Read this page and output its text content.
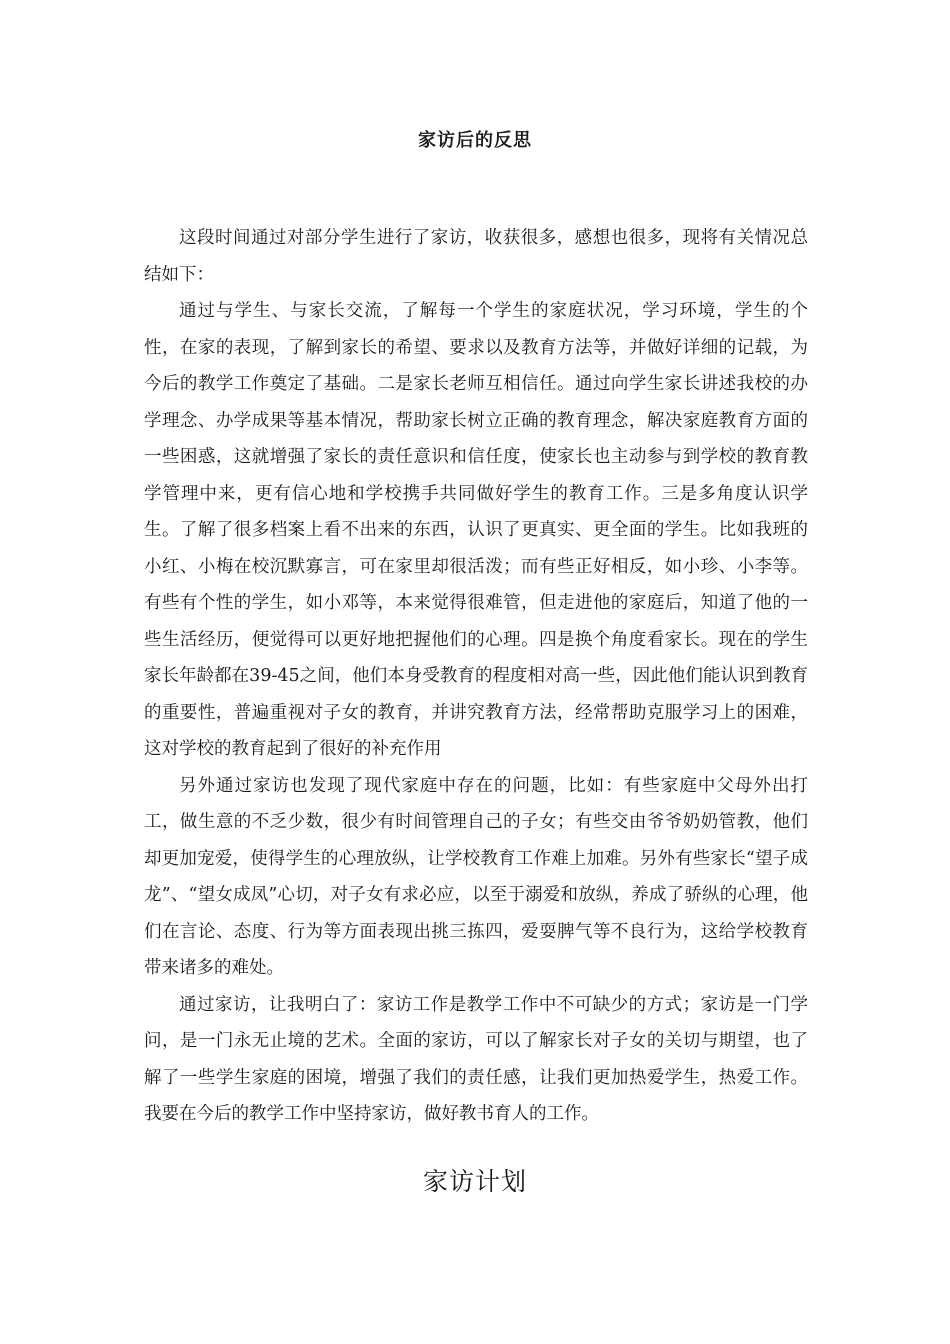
家访后的反思

这段时间通过对部分学生进行了家访，收获很多，感想也很多，现将有关情况总结如下：

通过与学生、与家长交流，了解每一个学生的家庭状况，学习环境，学生的个性，在家的表现，了解到家长的希望、要求以及教育方法等，并做好详细的记载，为今后的教学工作奠定了基础。二是家长老师互相信任。通过向学生家长讲述我校的办学理念、办学成果等基本情况，帮助家长树立正确的教育理念，解决家庭教育方面的一些困惑，这就增强了家长的责任意识和信任度，使家长也主动参与到学校的教育教学管理中来，更有信心地和学校携手共同做好学生的教育工作。三是多角度认识学生。了解了很多档案上看不出来的东西，认识了更真实、更全面的学生。比如我班的小红、小梅在校沉默寡言，可在家里却很活泼；而有些正好相反，如小珍、小李等。有些有个性的学生，如小邓等，本来觉得很难管，但走进他的家庭后，知道了他的一些生活经历，便觉得可以更好地把握他们的心理。四是换个角度看家长。现在的学生家长年龄都在39-45之间，他们本身受教育的程度相对高一些，因此他们能认识到教育的重要性，普遍重视对子女的教育，并讲究教育方法，经常帮助克服学习上的困难，这对学校的教育起到了很好的补充作用

另外通过家访也发现了现代家庭中存在的问题，比如：有些家庭中父母外出打工，做生意的不乏少数，很少有时间管理自己的子女；有些交由爷爷奶奶管教，他们却更加宠爱，使得学生的心理放纵，让学校教育工作难上加难。另外有些家长“望子成龙”、“望女成凤”心切，对子女有求必应，以至于溺爱和放纵，养成了骄纵的心理，他们在言论、态度、行为等方面表现出挑三拣四，爱耍脾气等不良行为，这给学校教育带来诸多的难处。

通过家访，让我明白了：家访工作是教学工作中不可缺少的方式；家访是一门学问，是一门永无止境的艺术。全面的家访，可以了解家长对子女的关切与期望，也了解了一些学生家庭的困境，增强了我们的责任感，让我们更加热爱学生，热爱工作。我要在今后的教学工作中坚持家访，做好教书育人的工作。

家访计划
